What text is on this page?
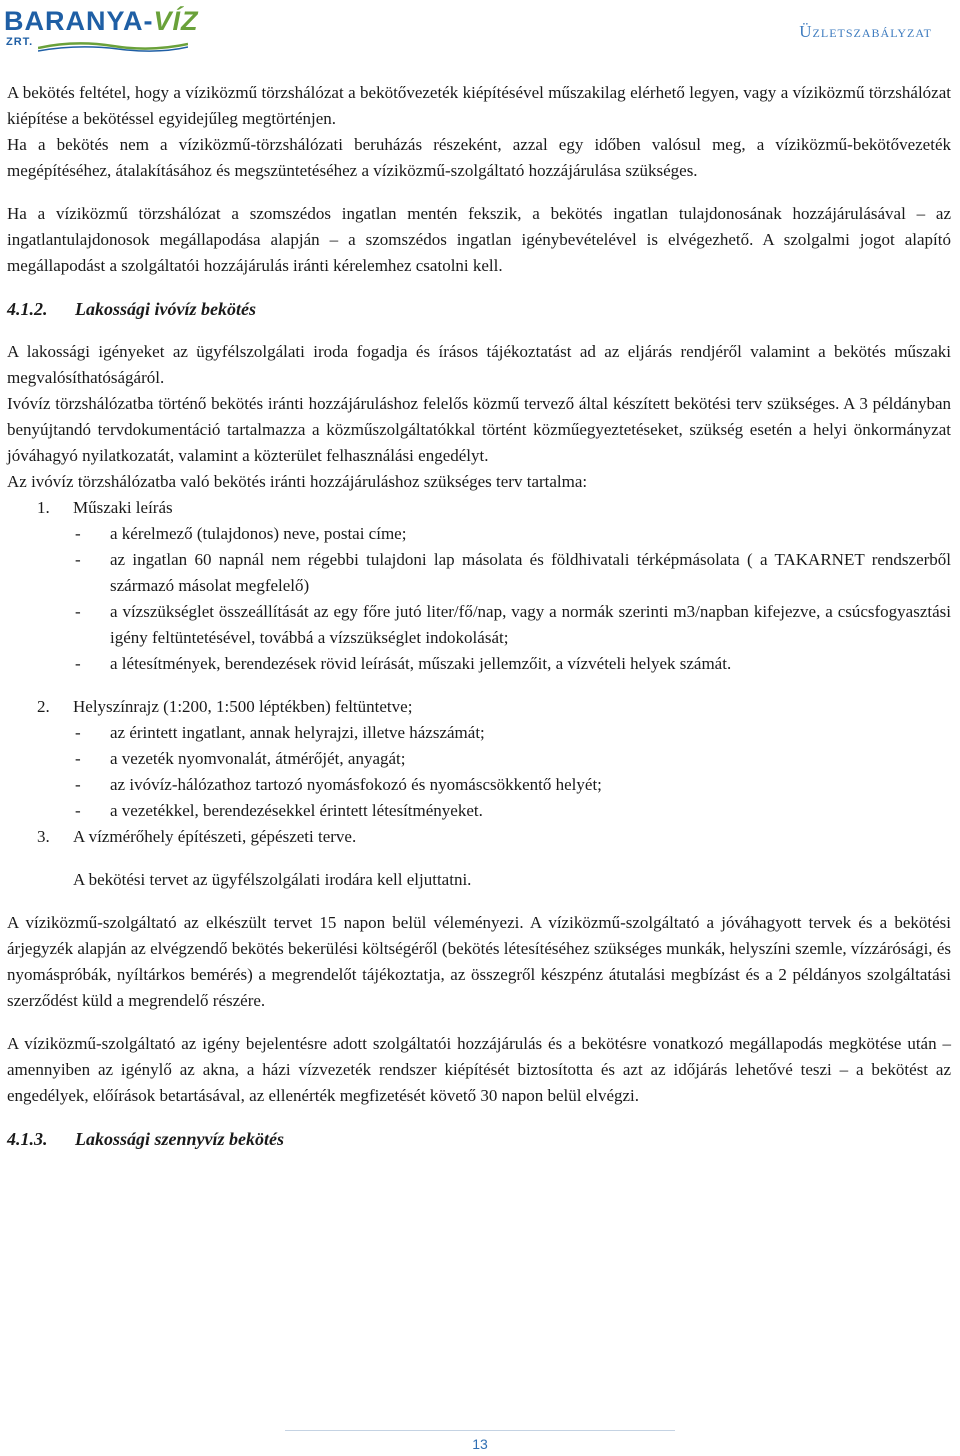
BARANYA-VÍZ
ZRT.
Üzletszabályzat

A bekötés feltétel, hogy a víziközmű törzshálózat a bekötővezeték kiépítésével műszakilag elérhető legyen, vagy a víziközmű törzshálózat kiépítése a bekötéssel egyidejűleg megtörténjen.

Ha a bekötés nem a víziközmű-törzshálózati beruházás részeként, azzal egy időben valósul meg, a víziközmű-bekötővezeték megépítéséhez, átalakításához és megszüntetéséhez a víziközmű-szolgáltató hozzájárulása szükséges.

Ha a víziközmű törzshálózat a szomszédos ingatlan mentén fekszik, a bekötés ingatlan tulajdonosának hozzájárulásával – az ingatlantulajdonosok megállapodása alapján – a szomszédos ingatlan igénybevételével is elvégezhető. A szolgalmi jogot alapító megállapodást a szolgáltatói hozzájárulás iránti kérelemhez csatolni kell.

4.1.2. Lakossági ivóvíz bekötés

A lakossági igényeket az ügyfélszolgálati iroda fogadja és írásos tájékoztatást ad az eljárás rendjéről valamint a bekötés műszaki megvalósíthatóságáról.

Ivóvíz törzshálózatba történő bekötés iránti hozzájáruláshoz felelős közmű tervező által készített bekötési terv szükséges. A 3 példányban benyújtandó tervdokumentáció tartalmazza a közműszolgáltatókkal történt közműegyeztetéseket, szükség esetén a helyi önkormányzat jóváhagyó nyilatkozatát, valamint a közterület felhasználási engedélyt.

Az ivóvíz törzshálózatba való bekötés iránti hozzájáruláshoz szükséges terv tartalma:

1. Műszaki leírás
- a kérelmező (tulajdonos) neve, postai címe;
- az ingatlan 60 napnál nem régebbi tulajdoni lap másolata és földhivatali térképmásolata ( a TAKARNET rendszerből származó másolat megfelelő)
- a vízszükséglet összeállítását az egy főre jutó liter/fő/nap, vagy a normák szerinti m3/napban kifejezve, a csúcsfogyasztási igény feltüntetésével, továbbá a vízszükséglet indokolását;
- a létesítmények, berendezések rövid leírását, műszaki jellemzőit, a vízvételi helyek számát.
2. Helyszínrajz (1:200, 1:500 léptékben) feltüntetve;
- az érintett ingatlant, annak helyrajzi, illetve házszámát;
- a vezeték nyomvonalát, átmérőjét, anyagát;
- az ivóvíz-hálózathoz tartozó nyomásfokozó és nyomáscsökkentő helyét;
- a vezetékkel, berendezésekkel érintett létesítményeket.
3. A vízmérőhely építészeti, gépészeti terve.
A bekötési tervet az ügyfélszolgálati irodára kell eljuttatni.

A víziközmű-szolgáltató az elkészült tervet 15 napon belül véleményezi. A víziközmű-szolgáltató a jóváhagyott tervek és a bekötési árjegyzék alapján az elvégzendő bekötés bekerülési költségéről (bekötés létesítéséhez szükséges munkák, helyszíni szemle, vízzárósági, és nyomáspróbák, nyíltárkos bemérés) a megrendelőt tájékoztatja, az összegről készpénz átutalási megbízást és a 2 példányos szolgáltatási szerződést küld a megrendelő részére.

A víziközmű-szolgáltató az igény bejelentésre adott szolgáltatói hozzájárulás és a bekötésre vonatkozó megállapodás megkötése után – amennyiben az igénylő az akna, a házi vízvezeték rendszer kiépítését biztosította és azt az időjárás lehetővé teszi – a bekötést az engedélyek, előírások betartásával, az ellenérték megfizetését követő 30 napon belül elvégzi.

4.1.3. Lakossági szennyvíz bekötés
13
